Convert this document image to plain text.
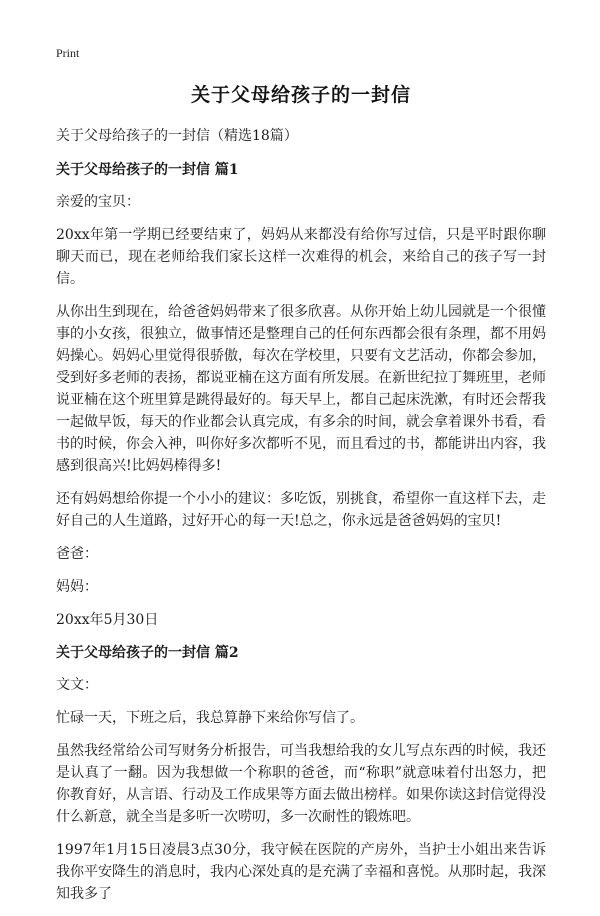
Print
关于父母给孩子的一封信
关于父母给孩子的一封信（精选18篇）
关于父母给孩子的一封信 篇1

亲爱的宝贝：

20xx年第一学期已经要结束了，妈妈从来都没有给你写过信，只是平时跟你聊聊天而已，现在老师给我们家长这样一次难得的机会，来给自己的孩子写一封信。

从你出生到现在，给爸爸妈妈带来了很多欣喜。从你开始上幼儿园就是一个很懂事的小女孩，很独立，做事情还是整理自己的任何东西都会很有条理，都不用妈妈操心。妈妈心里觉得很骄傲，每次在学校里，只要有文艺活动，你都会参加，受到好多老师的表扬，都说亚楠在这方面有所发展。在新世纪拉丁舞班里，老师说亚楠在这个班里算是跳得最好的。每天早上，都自己起床洗漱，有时还会帮我一起做早饭，每天的作业都会认真完成，有多余的时间，就会拿着课外书看，看书的时候，你会入神，叫你好多次都听不见，而且看过的书，都能讲出内容，我感到很高兴!比妈妈棒得多!

还有妈妈想给你提一个小小的建议：多吃饭，别挑食，希望你一直这样下去，走好自己的人生道路，过好开心的每一天!总之，你永远是爸爸妈妈的宝贝!

爸爸：

妈妈：

20xx年5月30日

关于父母给孩子的一封信 篇2

文文：

忙碌一天，下班之后，我总算静下来给你写信了。

虽然我经常给公司写财务分析报告，可当我想给我的女儿写点东西的时候，我还是认真了一翻。因为我想做一个称职的爸爸，而“称职”就意味着付出怒力，把你教育好，从言语、行动及工作成果等方面去做出榜样。如果你读这封信觉得没什么新意，就全当是多听一次唠叨，多一次耐性的锻炼吧。

1997年1月15日凌晨3点30分，我守候在医院的产房外，当护士小姐出来告诉我你平安降生的消息时，我内心深处真的是充满了幸福和喜悦。从那时起，我深知我多了
